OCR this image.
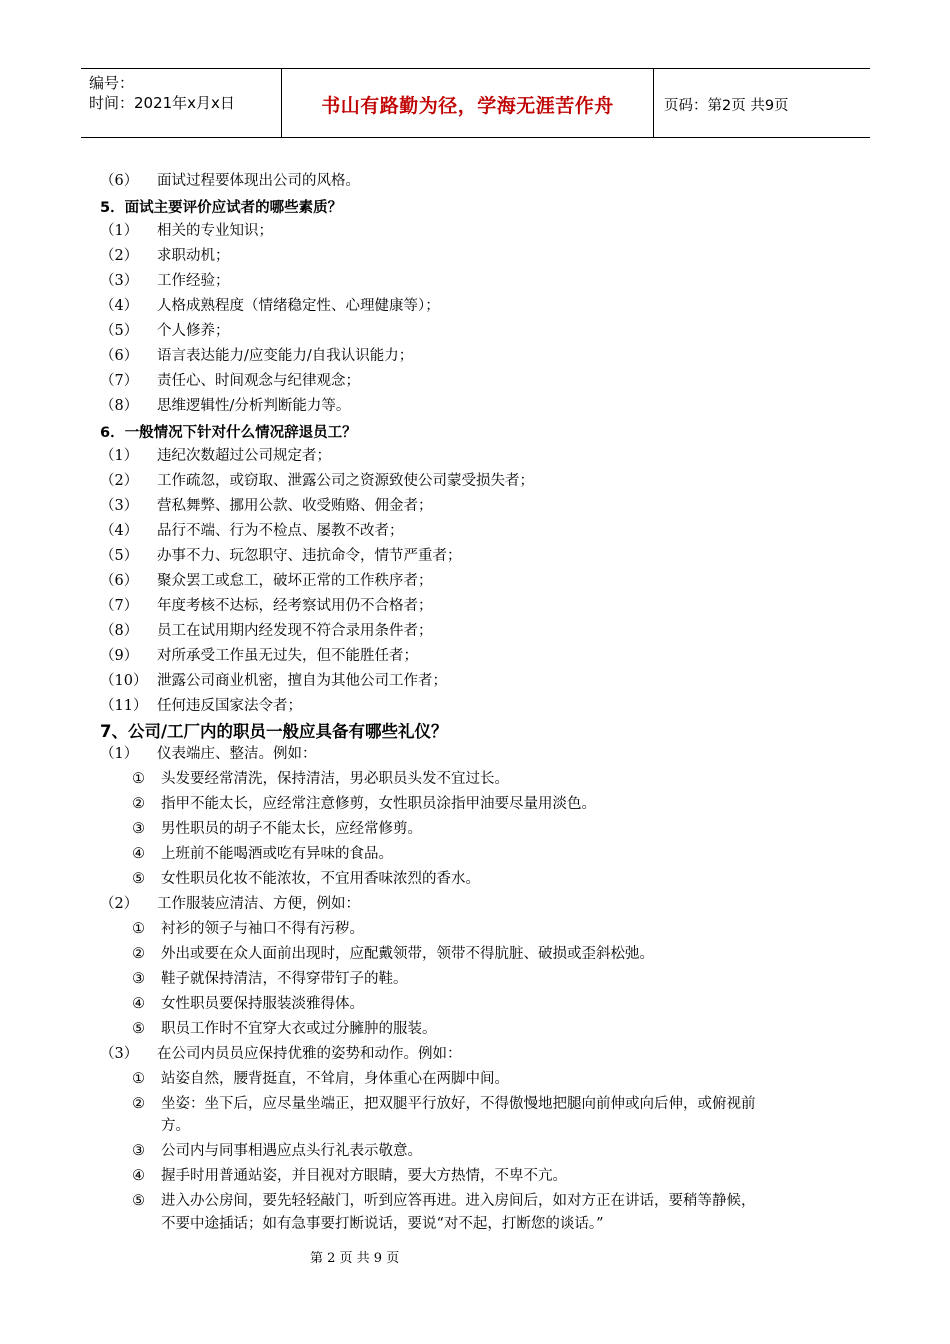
编号：
时间：2021年x月x日	书山有路勤为径，学海无涯苦作舟	页码：第2页 共9页
（6） 面试过程要体现出公司的风格。
5．面试主要评价应试者的哪些素质？
（1） 相关的专业知识；
（2） 求职动机；
（3） 工作经验；
（4） 人格成熟程度（情绪稳定性、心理健康等）；
（5） 个人修养；
（6） 语言表达能力/应变能力/自我认识能力；
（7） 责任心、时间观念与纪律观念；
（8） 思维逻辑性/分析判断能力等。
6．一般情况下针对什么情况辞退员工？
（1） 违纪次数超过公司规定者；
（2） 工作疏忽，或窃取、泄露公司之资源致使公司蒙受损失者；
（3） 营私舞弊、挪用公款、收受贿赂、佣金者；
（4） 品行不端、行为不检点、屡教不改者；
（5） 办事不力、玩忽职守、违抗命令，情节严重者；
（6） 聚众罢工或怠工，破坏正常的工作秩序者；
（7） 年度考核不达标，经考察试用仍不合格者；
（8） 员工在试用期内经发现不符合录用条件者；
（9） 对所承受工作虽无过失，但不能胜任者；
（10） 泄露公司商业机密，擅自为其他公司工作者；
（11） 任何违反国家法令者；
7、公司/工厂内的职员一般应具备有哪些礼仪？
（1） 仪表端庄、整洁。例如：
① 头发要经常清洗，保持清洁，男必职员头发不宜过长。
② 指甲不能太长，应经常注意修剪，女性职员涂指甲油要尽量用淡色。
③ 男性职员的胡子不能太长，应经常修剪。
④ 上班前不能喝酒或吃有异味的食品。
⑤ 女性职员化妆不能浓妆，不宜用香味浓烈的香水。
（2） 工作服装应清洁、方便，例如：
① 衬衫的领子与袖口不得有污秽。
② 外出或要在众人面前出现时，应配戴领带，领带不得肮脏、破损或歪斜松弛。
③ 鞋子就保持清洁，不得穿带钉子的鞋。
④ 女性职员要保持服装淡雅得体。
⑤ 职员工作时不宜穿大衣或过分臃肿的服装。
（3） 在公司内员员应保持优雅的姿势和动作。例如：
① 站姿自然，腰背挺直，不耸肩，身体重心在两脚中间。
② 坐姿：坐下后，应尽量坐端正，把双腿平行放好，不得傲慢地把腿向前伸或向后伸，或俯视前
方。
③ 公司内与同事相遇应点头行礼表示敬意。
④ 握手时用普通站姿，并目视对方眼睛，要大方热情，不卑不亢。
⑤ 进入办公房间，要先轻轻敲门，听到应答再进。进入房间后，如对方正在讲话，要稍等静候，
不要中途插话；如有急事要打断说话，要说“对不起，打断您的谈话。”
第 2 页 共 9 页
